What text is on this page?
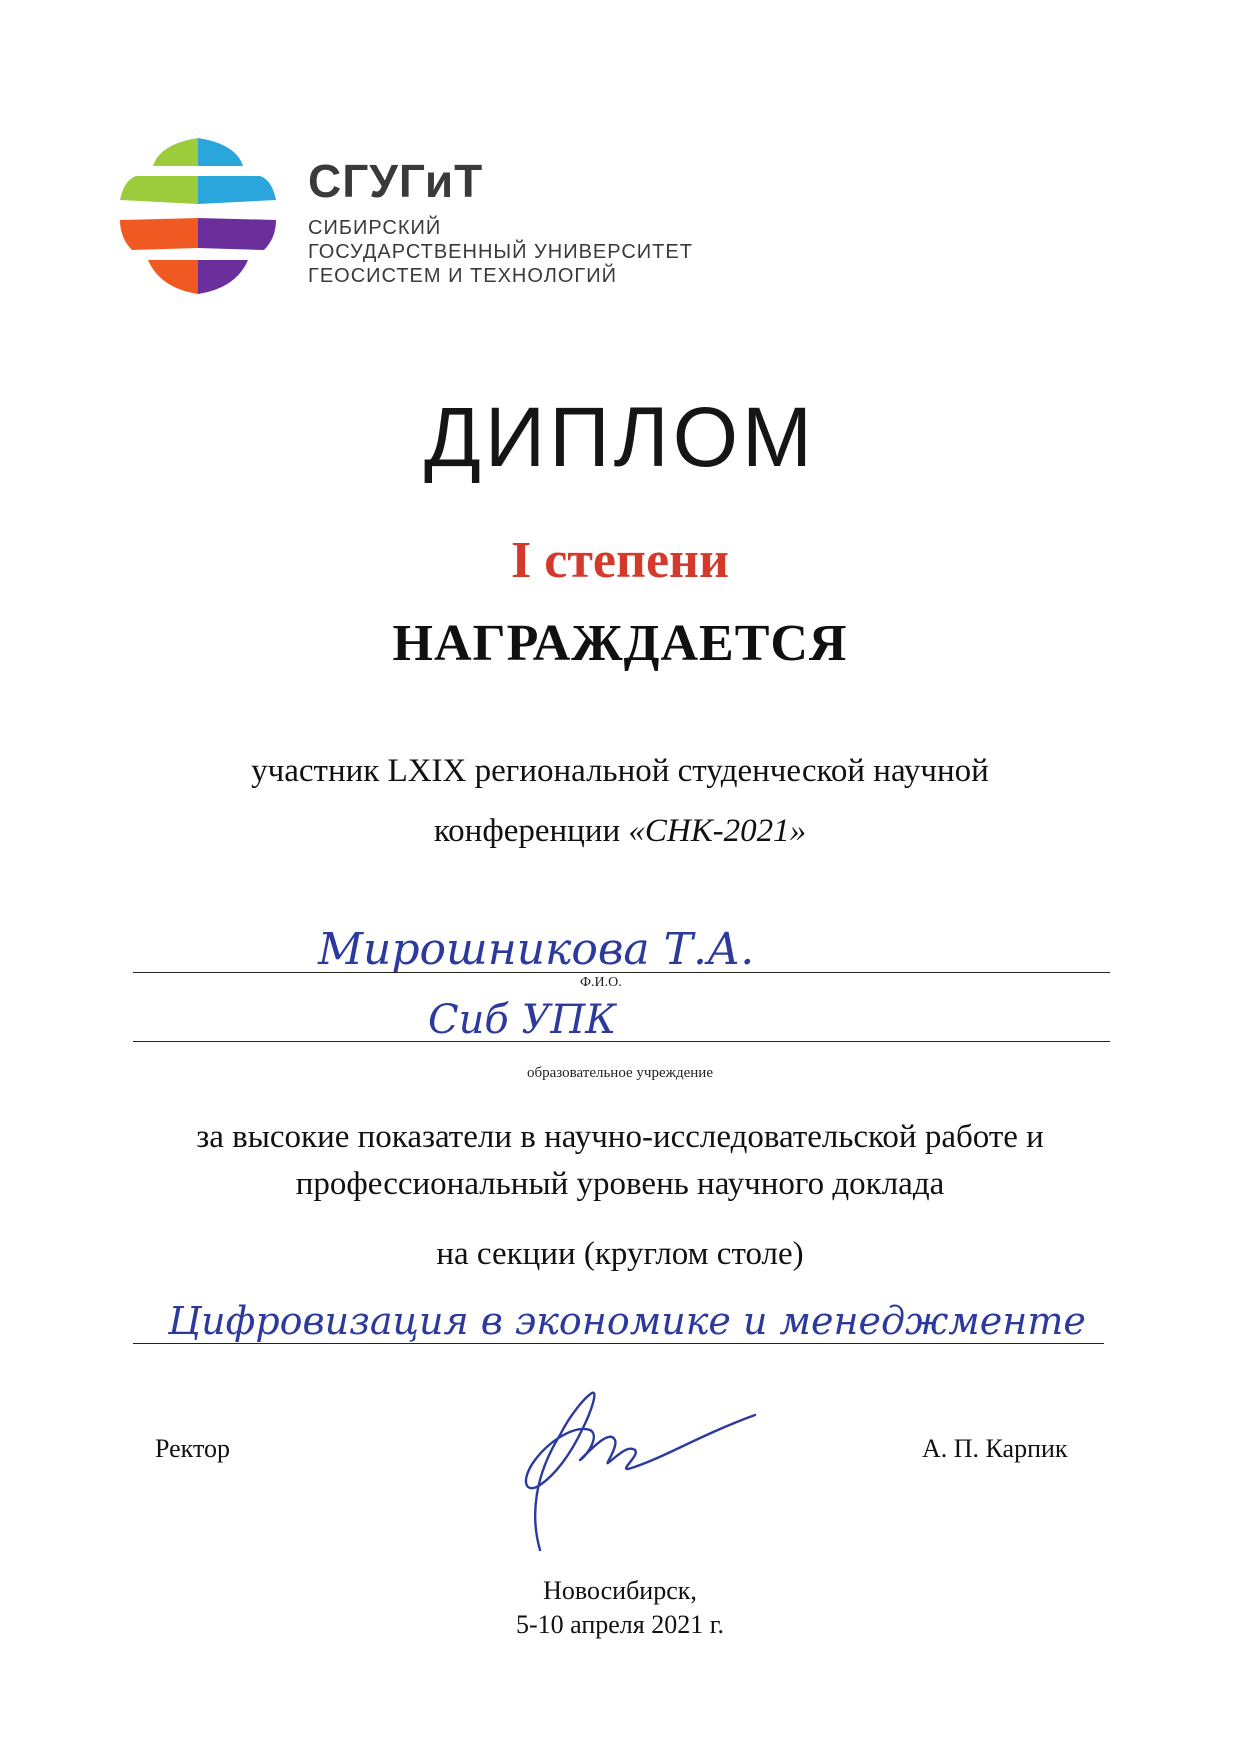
СГУГиТ
СИБИРСКИЙ
ГОСУДАРСТВЕННЫЙ УНИВЕРСИТЕТ
ГЕОСИСТЕМ И ТЕХНОЛОГИЙ
ДИПЛОМ
I степени
НАГРАЖДАЕТСЯ
участник LXIX региональной студенческой научной
конференции «СНК-2021»
Мирошникова Т.А.
Ф.И.О.
Сиб УПК
образовательное учреждение
за высокие показатели в научно-исследовательской работе и
профессиональный уровень научного доклада
на секции (круглом столе)
Цифровизация в экономике и менеджменте
Ректор	А. П. Карпик
Новосибирск,
5-10 апреля 2021 г.
